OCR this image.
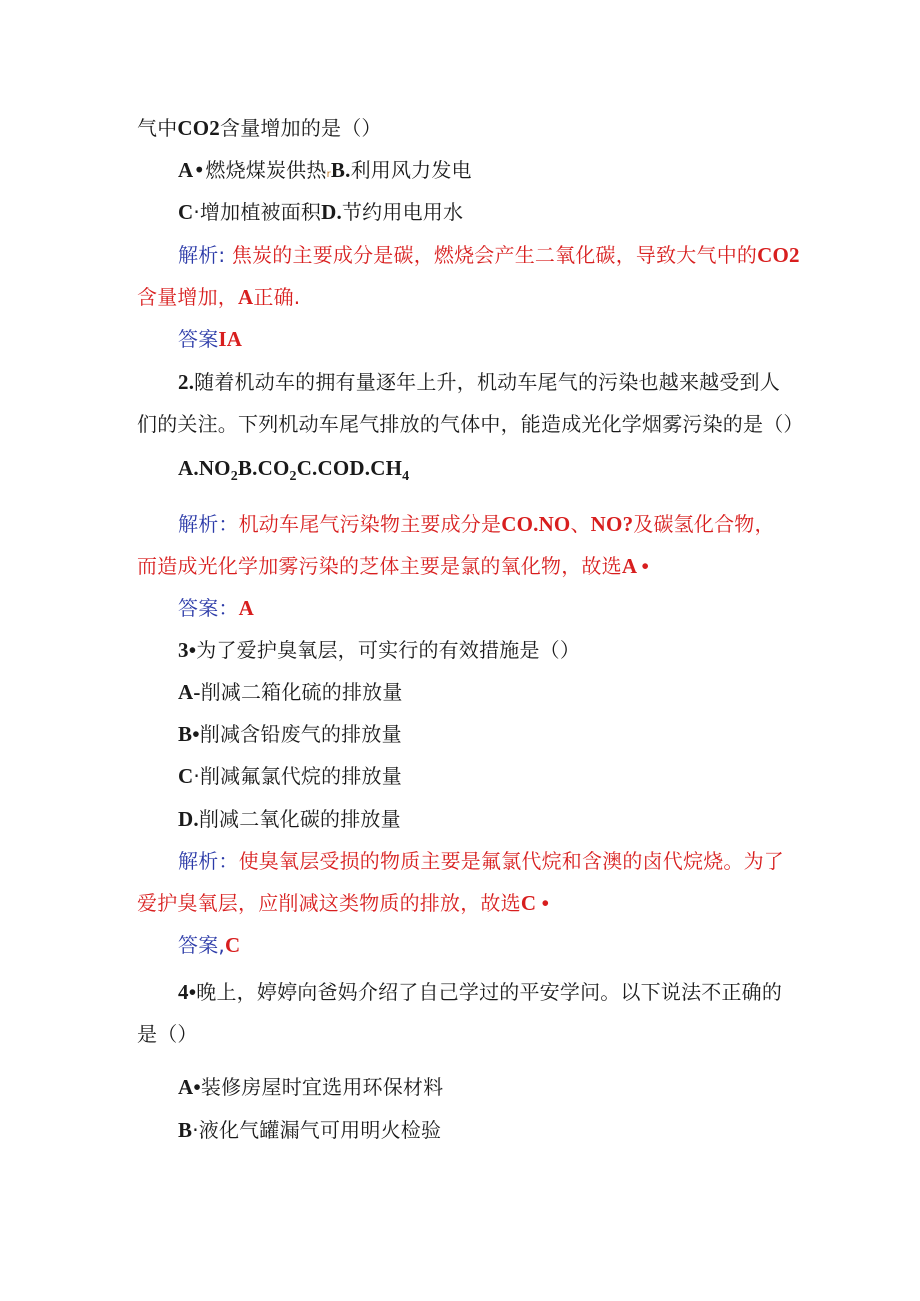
气中CO2含量增加的是（）
A•燃烧煤炭供热rB.利用风力发电
C·增加植被面积D.节约用电用水
解析: 焦炭的主要成分是碳，燃烧会产生二氧化碳，导致大气中的CO2
含量增加，A正确.
答案IA
2.随着机动车的拥有量逐年上升，机动车尾气的污染也越来越受到人
们的关注。下列机动车尾气排放的气体中，能造成光化学烟雾污染的是（）
$A.NO_2B.CO_2C.COD.CH_4$
解析：机动车尾气污染物主要成分是CO.NO、NO?及碳氢化合物，
而造成光化学加雾污染的芝体主要是氯的氧化物，故选A •
答案：A
3•为了爱护臭氧层，可实行的有效措施是（）
A-削减二箱化硫的排放量
B•削减含铅废气的排放量
C·削减氟氯代烷的排放量
D.削减二氧化碳的排放量
解析：使臭氧层受损的物质主要是氟氯代烷和含澳的卤代烷烧。为了
爱护臭氧层，应削减这类物质的排放，故选C •
答案,C
4•晚上，婷婷向爸妈介绍了自己学过的平安学问。以下说法不正确的
是（）
A•装修房屋时宜选用环保材料
B·液化气罐漏气可用明火检验
